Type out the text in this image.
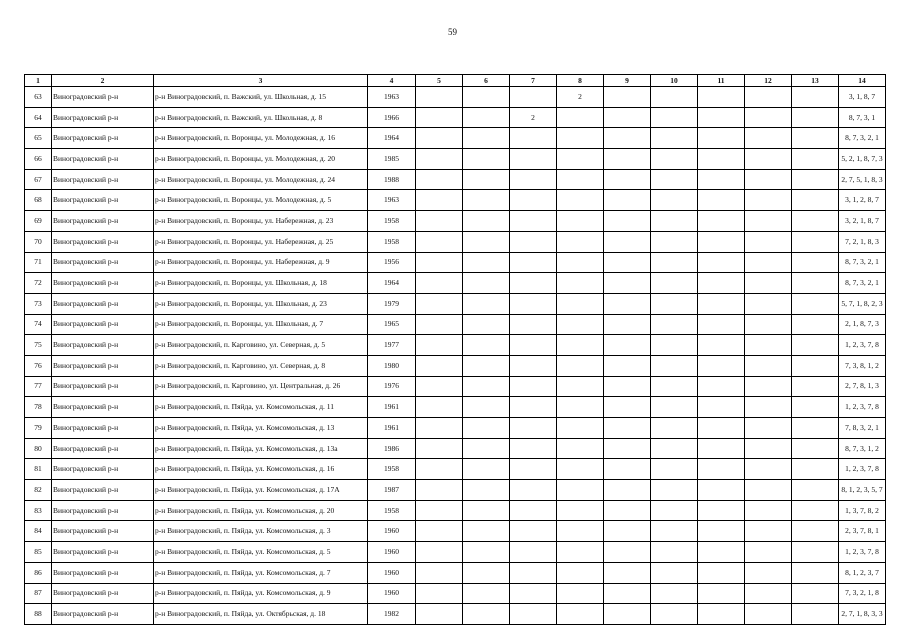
59
1	2	3	4	5	6	7	8	9	10	11	12	13	14
63	Виноградовский р-н	р-н Виноградовский, п. Важский, ул. Школьная, д. 15	1963				2						3, 1, 8, 7
64	Виноградовский р-н	р-н Виноградовский, п. Важский, ул. Школьная, д. 8	1966			2							8, 7, 3, 1
65	Виноградовский р-н	р-н Виноградовский, п. Воронцы, ул. Молодежная, д. 16	1964										8, 7, 3, 2, 1
66	Виноградовский р-н	р-н Виноградовский, п. Воронцы, ул. Молодежная, д. 20	1985										5, 2, 1, 8, 7, 3
67	Виноградовский р-н	р-н Виноградовский, п. Воронцы, ул. Молодежная, д. 24	1988										2, 7, 5, 1, 8, 3
68	Виноградовский р-н	р-н Виноградовский, п. Воронцы, ул. Молодежная, д. 5	1963										3, 1, 2, 8, 7
69	Виноградовский р-н	р-н Виноградовский, п. Воронцы, ул. Набережная, д. 23	1958										3, 2, 1, 8, 7
70	Виноградовский р-н	р-н Виноградовский, п. Воронцы, ул. Набережная, д. 25	1958										7, 2, 1, 8, 3
71	Виноградовский р-н	р-н Виноградовский, п. Воронцы, ул. Набережная, д. 9	1956										8, 7, 3, 2, 1
72	Виноградовский р-н	р-н Виноградовский, п. Воронцы, ул. Школьная, д. 18	1964										8, 7, 3, 2, 1
73	Виноградовский р-н	р-н Виноградовский, п. Воронцы, ул. Школьная, д. 23	1979										5, 7, 1, 8, 2, 3
74	Виноградовский р-н	р-н Виноградовский, п. Воронцы, ул. Школьная, д. 7	1965										2, 1, 8, 7, 3
75	Виноградовский р-н	р-н Виноградовский, п. Карговино, ул. Северная, д. 5	1977										1, 2, 3, 7, 8
76	Виноградовский р-н	р-н Виноградовский, п. Карговино, ул. Северная, д. 8	1980										7, 3, 8, 1, 2
77	Виноградовский р-н	р-н Виноградовский, п. Карговино, ул. Центральная, д. 26	1976										2, 7, 8, 1, 3
78	Виноградовский р-н	р-н Виноградовский, п. Пяйда, ул. Комсомольская, д. 11	1961										1, 2, 3, 7, 8
79	Виноградовский р-н	р-н Виноградовский, п. Пяйда, ул. Комсомольская, д. 13	1961										7, 8, 3, 2, 1
80	Виноградовский р-н	р-н Виноградовский, п. Пяйда, ул. Комсомольская, д. 13а	1986										8, 7, 3, 1, 2
81	Виноградовский р-н	р-н Виноградовский, п. Пяйда, ул. Комсомольская, д. 16	1958										1, 2, 3, 7, 8
82	Виноградовский р-н	р-н Виноградовский, п. Пяйда, ул. Комсомольская, д. 17А	1987										8, 1, 2, 3, 5, 7
83	Виноградовский р-н	р-н Виноградовский, п. Пяйда, ул. Комсомольская, д. 20	1958										1, 3, 7, 8, 2
84	Виноградовский р-н	р-н Виноградовский, п. Пяйда, ул. Комсомольская, д. 3	1960										2, 3, 7, 8, 1
85	Виноградовский р-н	р-н Виноградовский, п. Пяйда, ул. Комсомольская, д. 5	1960										1, 2, 3, 7, 8
86	Виноградовский р-н	р-н Виноградовский, п. Пяйда, ул. Комсомольская, д. 7	1960										8, 1, 2, 3, 7
87	Виноградовский р-н	р-н Виноградовский, п. Пяйда, ул. Комсомольская, д. 9	1960										7, 3, 2, 1, 8
88	Виноградовский р-н	р-н Виноградовский, п. Пяйда, ул. Октябрьская, д. 18	1982										2, 7, 1, 8, 3, 3
